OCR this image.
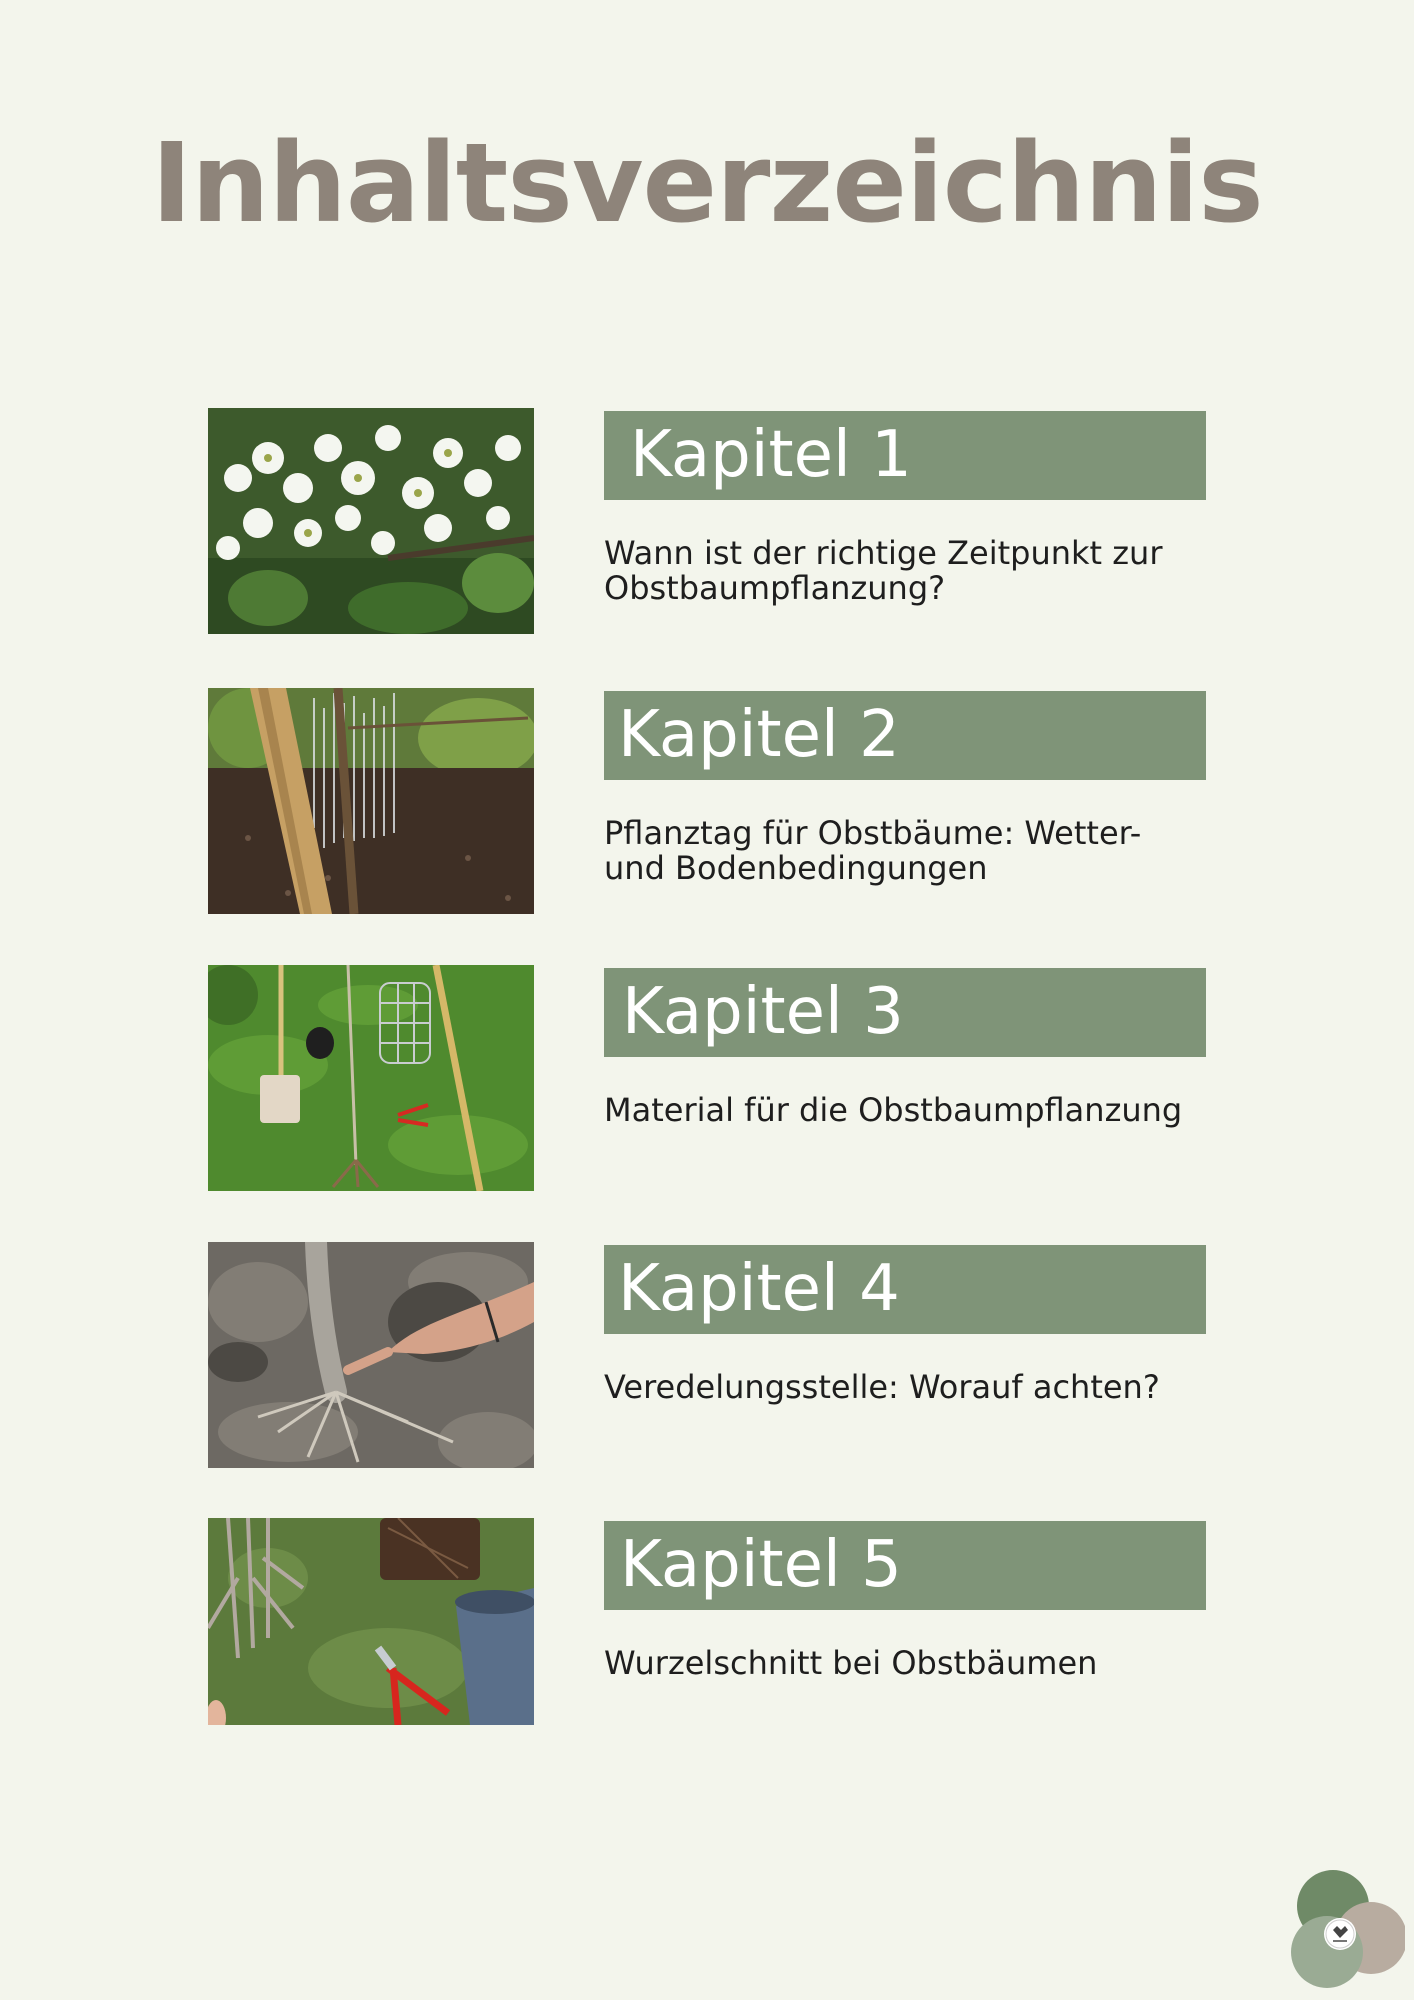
Inhaltsverzeichnis
Kapitel 1
Wann ist der richtige Zeitpunkt zur Obstbaumpflanzung?
Kapitel 2
Pflanztag für Obstbäume: Wetter- und Bodenbedingungen
Kapitel 3
Material für die Obstbaumpflanzung
Kapitel 4
Veredelungsstelle: Worauf achten?
Kapitel 5
Wurzelschnitt bei Obstbäumen
